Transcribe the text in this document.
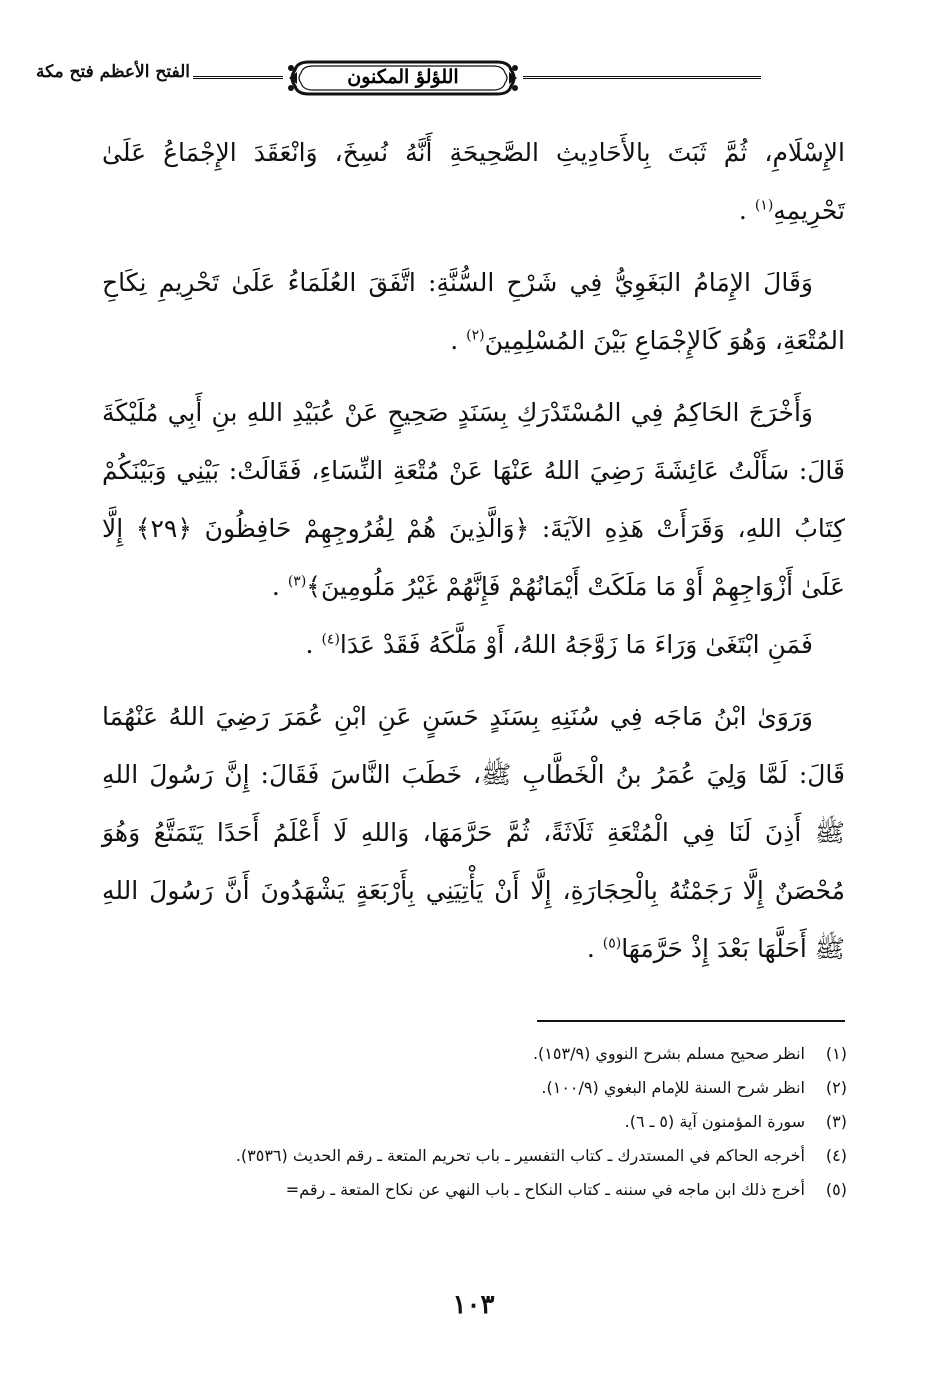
الفتح الأعظم فتح مكة	اللؤلؤ المكنون

الإِسْلَامِ، ثُمَّ ثَبَتَ بِالأَحَادِيثِ الصَّحِيحَةِ أَنَّهُ نُسِخَ، وَانْعَقَدَ الإِجْمَاعُ عَلَىٰ تَحْرِيمِهِ$^{(١)}$ .

وَقَالَ الإِمَامُ البَغَوِيُّ فِي شَرْحِ السُّنَّةِ: اتَّفَقَ العُلَمَاءُ عَلَىٰ تَحْرِيمِ نِكَاحِ المُتْعَةِ، وَهُوَ كَالإِجْمَاعِ بَيْنَ المُسْلِمِينَ$^{(٢)}$ .

وَأَخْرَجَ الحَاكِمُ فِي المُسْتَدْرَكِ بِسَنَدٍ صَحِيحٍ عَنْ عُبَيْدِ اللهِ بنِ أَبِي مُلَيْكَةَ قَالَ: سَأَلْتُ عَائِشَةَ رَضِيَ اللهُ عَنْهَا عَنْ مُتْعَةِ النِّسَاءِ، فَقَالَتْ: بَيْنِي وَبَيْنَكُمْ كِتَابُ اللهِ، وَقَرَأَتْ هَذِهِ الآيَةَ: ﴿وَالَّذِينَ هُمْ لِفُرُوجِهِمْ حَافِظُونَ ﴿٢٩﴾ إِلَّا عَلَىٰ أَزْوَاجِهِمْ أَوْ مَا مَلَكَتْ أَيْمَانُهُمْ فَإِنَّهُمْ غَيْرُ مَلُومِينَ﴾$^{(٣)}$ .

فَمَنِ ابْتَغَىٰ وَرَاءَ مَا زَوَّجَهُ اللهُ، أَوْ مَلَّكَهُ فَقَدْ عَدَا$^{(٤)}$ .

وَرَوَىٰ ابْنُ مَاجَه فِي سُنَنِهِ بِسَنَدٍ حَسَنٍ عَنِ ابْنِ عُمَرَ رَضِيَ اللهُ عَنْهُمَا قَالَ: لَمَّا وَلِيَ عُمَرُ بنُ الْخَطَّابِ ﷺ، خَطَبَ النَّاسَ فَقَالَ: إِنَّ رَسُولَ اللهِ ﷺ أَذِنَ لَنَا فِي الْمُتْعَةِ ثَلَاثَةً، ثُمَّ حَرَّمَهَا، وَاللهِ لَا أَعْلَمُ أَحَدًا يَتَمَتَّعُ وَهُوَ مُحْصَنٌ إِلَّا رَجَمْتُهُ بِالْحِجَارَةِ، إِلَّا أَنْ يَأْتِيَنِي بِأَرْبَعَةٍ يَشْهَدُونَ أَنَّ رَسُولَ اللهِ ﷺ أَحَلَّهَا بَعْدَ إِذْ حَرَّمَهَا$^{(٥)}$ .

(١)
انظر صحيح مسلم بشرح النووي (١٥٣/٩).
(٢)
انظر شرح السنة للإمام البغوي (١٠٠/٩).
(٣)
سورة المؤمنون آية (٥ ـ ٦).
(٤)
أخرجه الحاكم في المستدرك ـ كتاب التفسير ـ باب تحريم المتعة ـ رقم الحديث (٣٥٣٦).
(٥)
أخرج ذلك ابن ماجه في سننه ـ كتاب النكاح ـ باب النهي عن نكاح المتعة ـ رقم=
١٠٣
